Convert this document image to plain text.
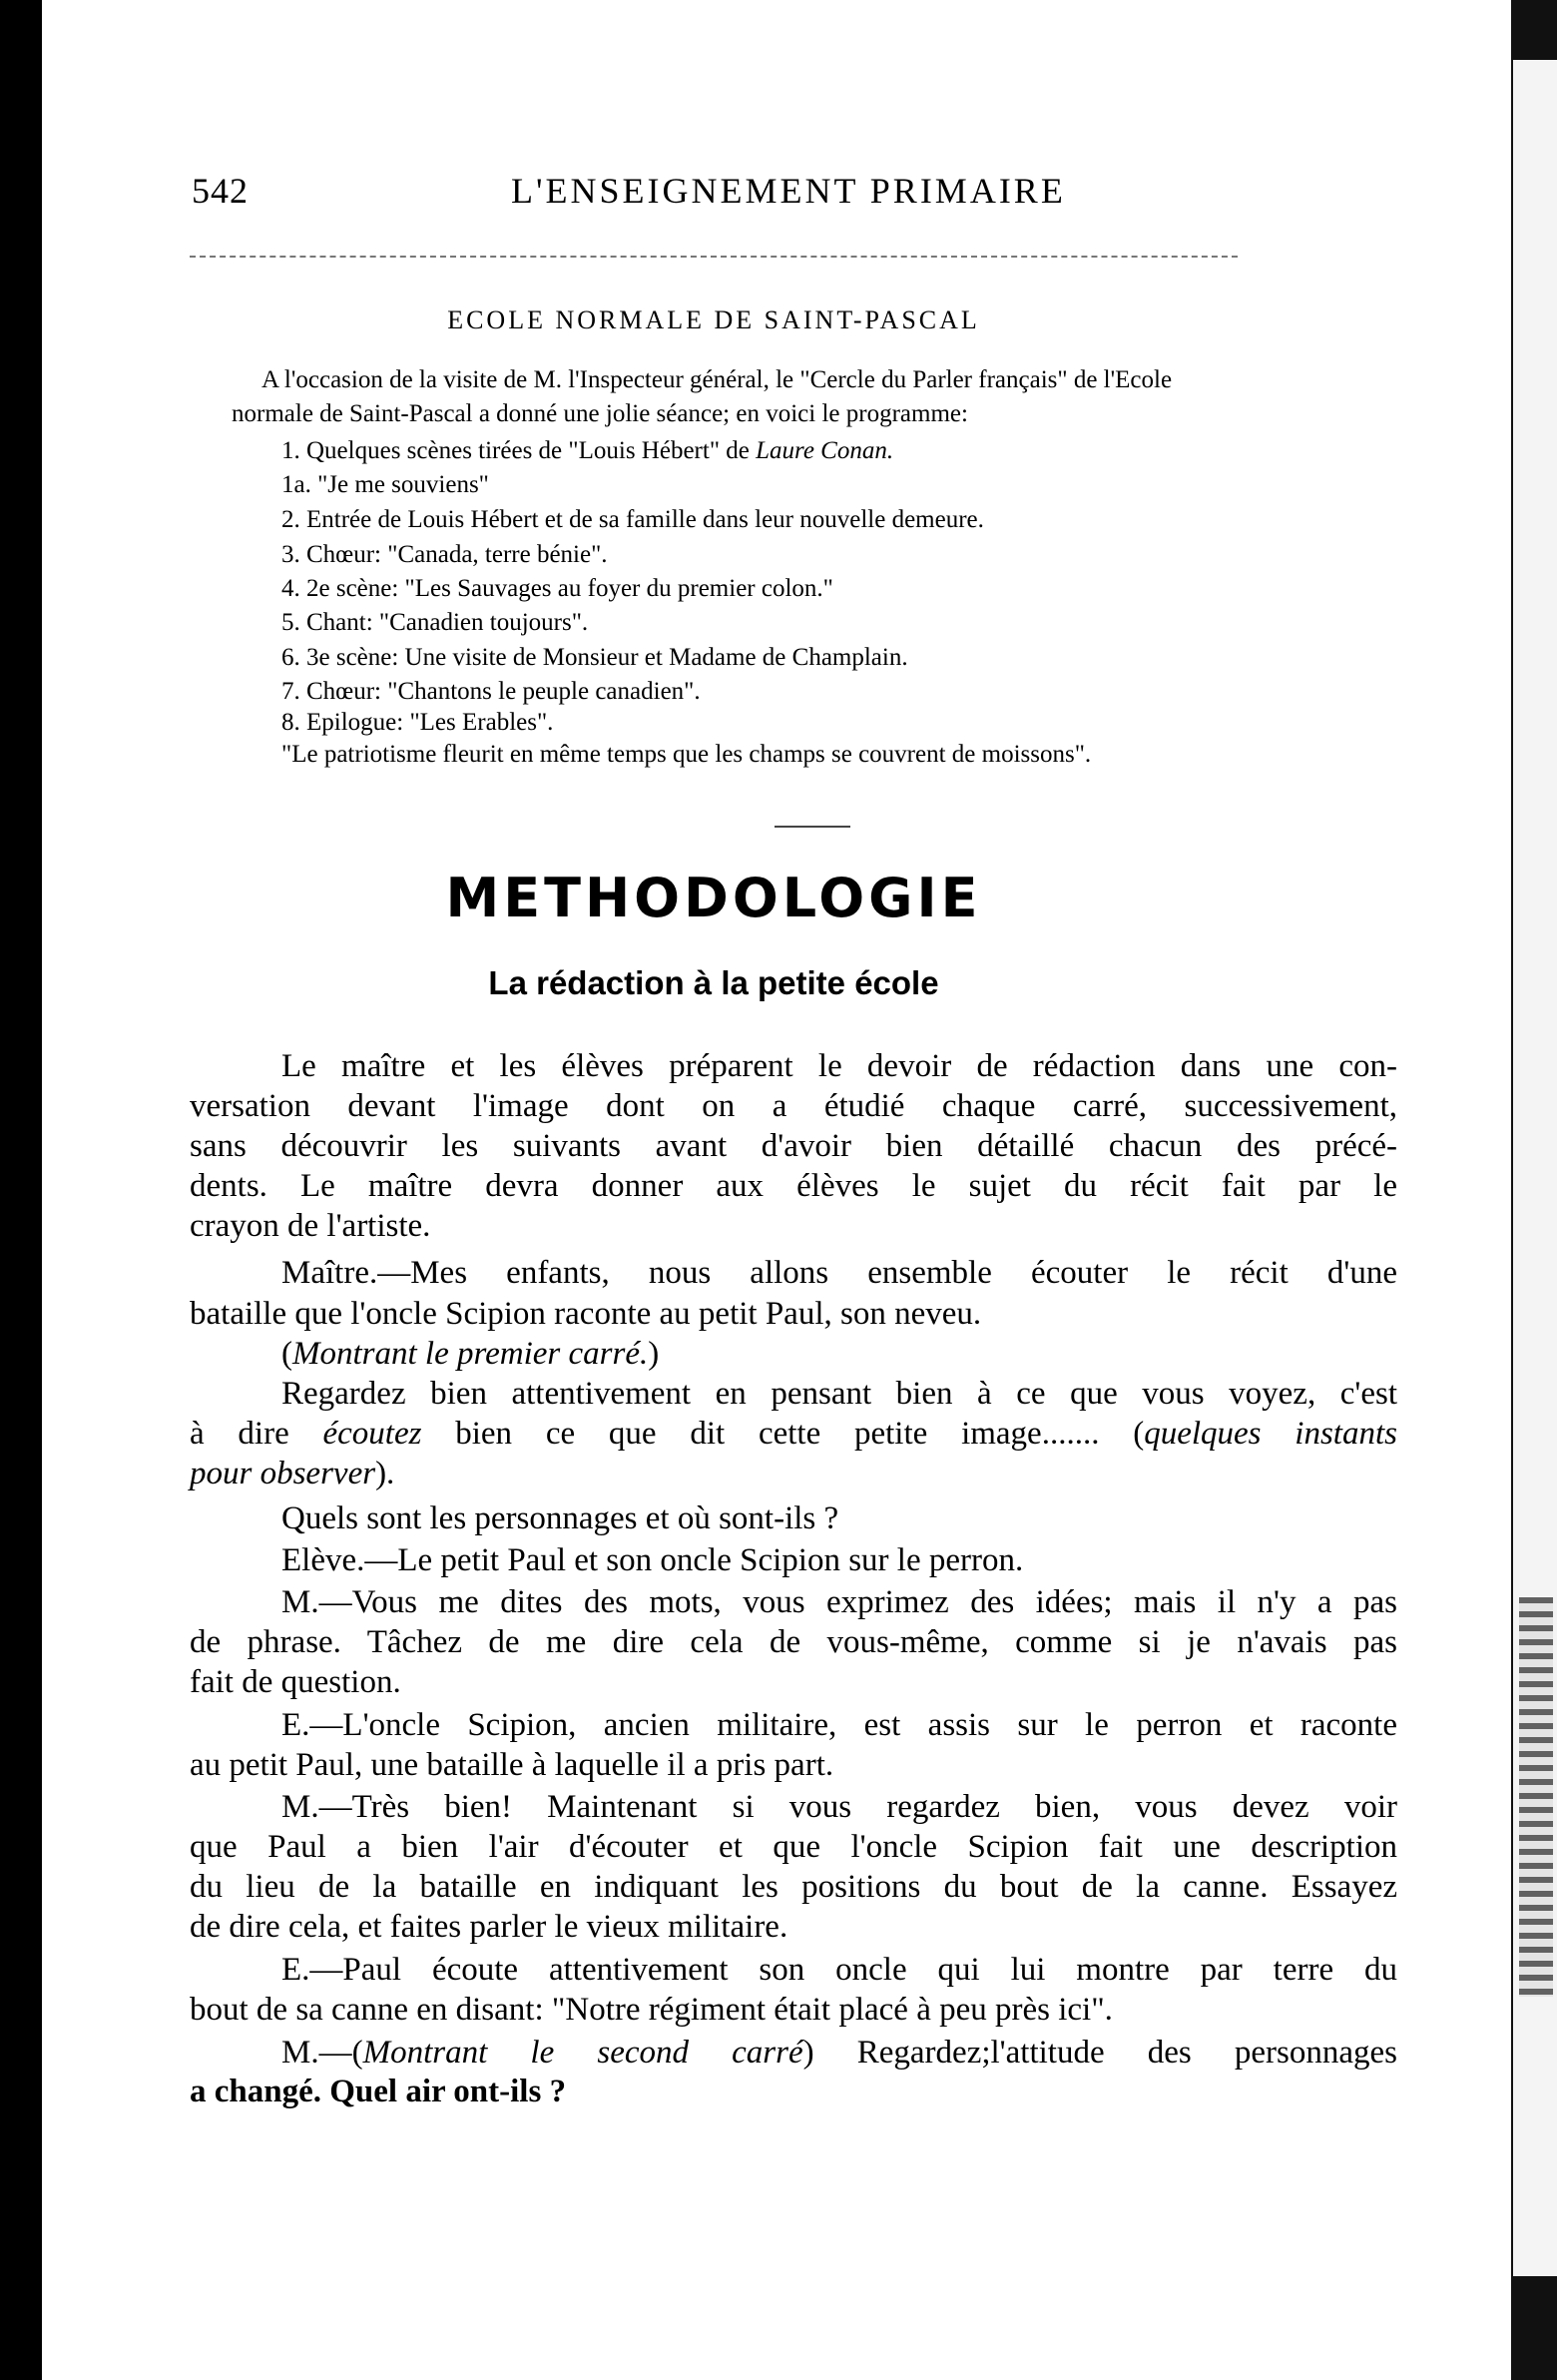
542	L'ENSEIGNEMENT PRIMAIRE
ECOLE NORMALE DE SAINT-PASCAL
A l'occasion de la visite de M. l'Inspecteur général, le "Cercle du Parler français" de l'Ecole
normale de Saint-Pascal a donné une jolie séance; en voici le programme:
1. Quelques scènes tirées de "Louis Hébert" de Laure Conan.
1a. "Je me souviens"
2. Entrée de Louis Hébert et de sa famille dans leur nouvelle demeure.
3. Chœur: "Canada, terre bénie".
4. 2e scène: "Les Sauvages au foyer du premier colon."
5. Chant: "Canadien toujours".
6. 3e scène: Une visite de Monsieur et Madame de Champlain.
7. Chœur: "Chantons le peuple canadien".
8. Epilogue: "Les Erables".
"Le patriotisme fleurit en même temps que les champs se couvrent de moissons".
METHODOLOGIE
La rédaction à la petite école
Le maître et les élèves préparent le devoir de rédaction dans une con-
versation devant l'image dont on a étudié chaque carré, successivement,
sans découvrir les suivants avant d'avoir bien détaillé chacun des précé-
dents. Le maître devra donner aux élèves le sujet du récit fait par le
crayon de l'artiste.
Maître.—Mes enfants, nous allons ensemble écouter le récit d'une
bataille que l'oncle Scipion raconte au petit Paul, son neveu.
(Montrant le premier carré.)
Regardez bien attentivement en pensant bien à ce que vous voyez, c'est
à dire écoutez bien ce que dit cette petite image....... (quelques instants
pour observer).
Quels sont les personnages et où sont-ils ?
Elève.—Le petit Paul et son oncle Scipion sur le perron.
M.—Vous me dites des mots, vous exprimez des idées; mais il n'y a pas
de phrase. Tâchez de me dire cela de vous-même, comme si je n'avais pas
fait de question.
E.—L'oncle Scipion, ancien militaire, est assis sur le perron et raconte
au petit Paul, une bataille à laquelle il a pris part.
M.—Très bien! Maintenant si vous regardez bien, vous devez voir
que Paul a bien l'air d'écouter et que l'oncle Scipion fait une description
du lieu de la bataille en indiquant les positions du bout de la canne. Essayez
de dire cela, et faites parler le vieux militaire.
E.—Paul écoute attentivement son oncle qui lui montre par terre du
bout de sa canne en disant: "Notre régiment était placé à peu près ici".
M.—(Montrant le second carré) Regardez;l'attitude des personnages
a changé. Quel air ont-ils ?
